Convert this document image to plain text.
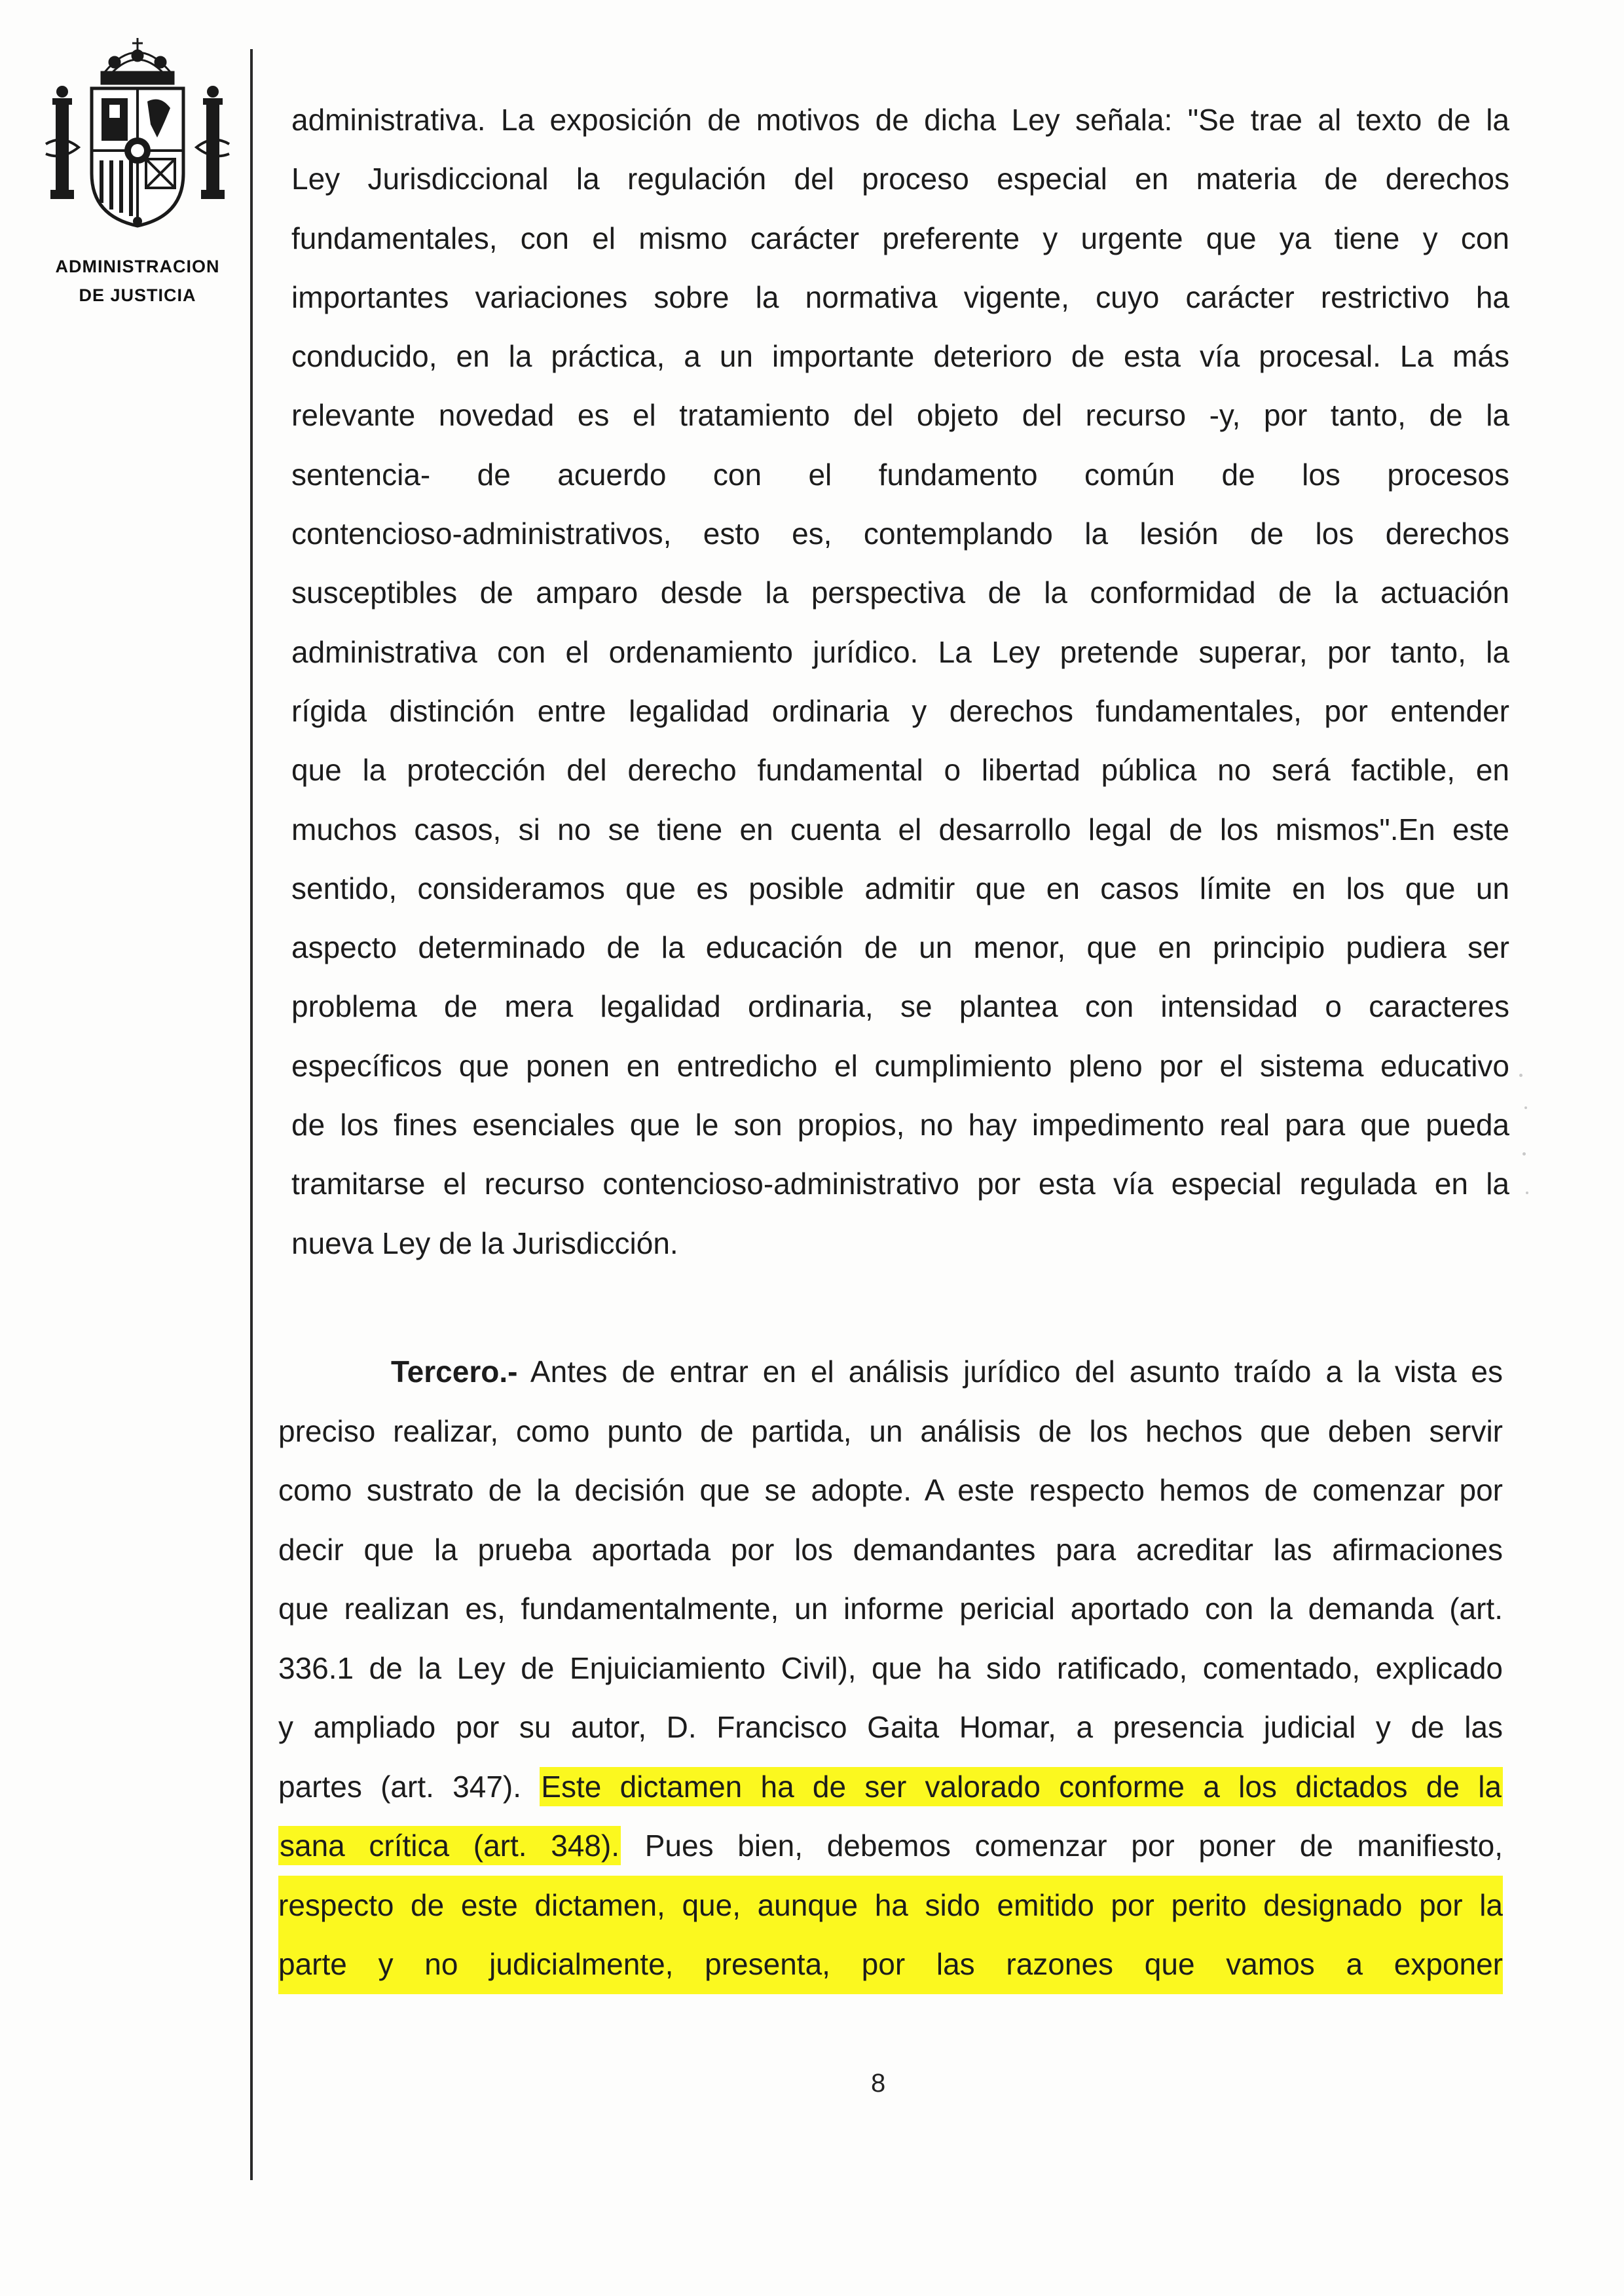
ADMINISTRACION
DE JUSTICIA
administrativa. La exposición de motivos de dicha Ley señala: "Se trae al texto de la
Ley Jurisdiccional la regulación del proceso especial en materia de derechos
fundamentales, con el mismo carácter preferente y urgente que ya tiene y con
importantes variaciones sobre la normativa vigente, cuyo carácter restrictivo ha
conducido, en la práctica, a un importante deterioro de esta vía procesal. La más
relevante novedad es el tratamiento del objeto del recurso -y, por tanto, de la
sentencia- de acuerdo con el fundamento común de los procesos
contencioso-administrativos, esto es, contemplando la lesión de los derechos
susceptibles de amparo desde la perspectiva de la conformidad de la actuación
administrativa con el ordenamiento jurídico. La Ley pretende superar, por tanto, la
rígida distinción entre legalidad ordinaria y derechos fundamentales, por entender
que la protección del derecho fundamental o libertad pública no será factible, en
muchos casos, si no se tiene en cuenta el desarrollo legal de los mismos".En este
sentido, consideramos que es posible admitir que en casos límite en los que un
aspecto determinado de la educación de un menor, que en principio pudiera ser
problema de mera legalidad ordinaria, se plantea con intensidad o caracteres
específicos que ponen en entredicho el cumplimiento pleno por el sistema educativo
de los fines esenciales que le son propios, no hay impedimento real para que pueda
tramitarse el recurso contencioso-administrativo por esta vía especial regulada en la
nueva Ley de la Jurisdicción.
Tercero.- Antes de entrar en el análisis jurídico del asunto traído a la vista es
preciso realizar, como punto de partida, un análisis de los hechos que deben servir
como sustrato de la decisión que se adopte. A este respecto hemos de comenzar por
decir que la prueba aportada por los demandantes para acreditar las afirmaciones
que realizan es, fundamentalmente, un informe pericial aportado con la demanda (art.
336.1 de la Ley de Enjuiciamiento Civil), que ha sido ratificado, comentado, explicado
y ampliado por su autor, D. Francisco Gaita Homar, a presencia judicial y de las
partes (art. 347). Este dictamen ha de ser valorado conforme a los dictados de la
sana crítica (art. 348). Pues bien, debemos comenzar por poner de manifiesto,
respecto de este dictamen, que, aunque ha sido emitido por perito designado por la
parte y no judicialmente, presenta, por las razones que vamos a exponer
8
